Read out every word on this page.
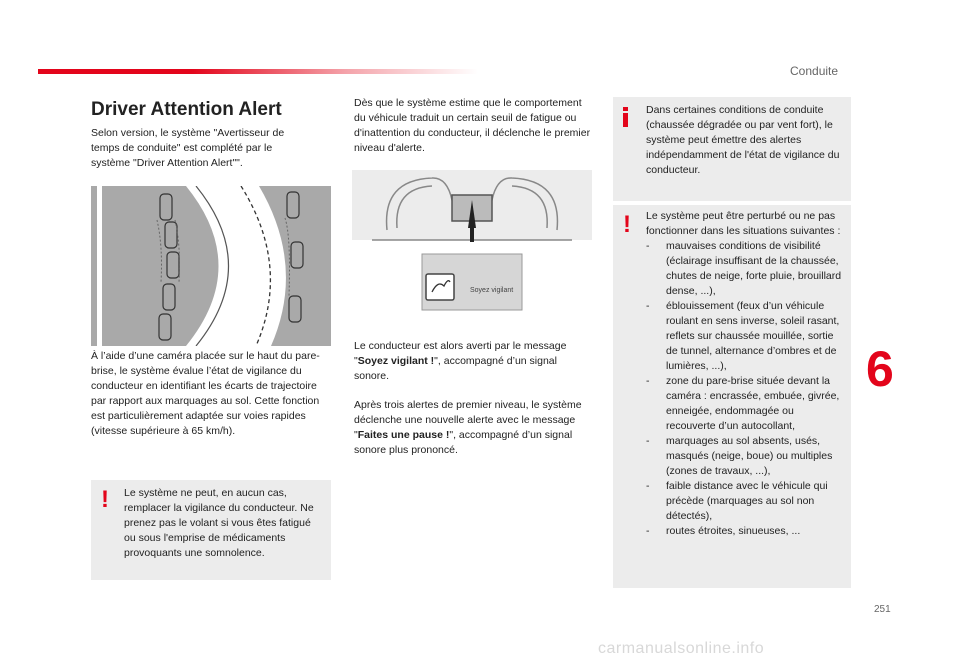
Conduite
6
251
carmanualsonline.info
Driver Attention Alert
Selon version, le système "Avertisseur de temps de conduite" est complété par le système "Driver Attention Alert"".
À l’aide d’une caméra placée sur le haut du pare-brise, le système évalue l’état de vigilance du conducteur en identifiant les écarts de trajectoire par rapport aux marquages au sol. Cette fonction est particulièrement adaptée sur voies rapides (vitesse supérieure à 65 km/h).
! Le système ne peut, en aucun cas, remplacer la vigilance du conducteur. Ne prenez pas le volant si vous êtes fatigué ou sous l'emprise de médicaments provoquants une somnolence.
Dès que le système estime que le comportement du véhicule traduit un certain seuil de fatigue ou d'inattention du conducteur, il déclenche le premier niveau d'alerte.
Soyez vigilant
Le conducteur est alors averti par le message "Soyez vigilant !", accompagné d’un signal sonore.
Après trois alertes de premier niveau, le système déclenche une nouvelle alerte avec le message "Faites une pause !", accompagné d’un signal sonore plus prononcé.
Dans certaines conditions de conduite (chaussée dégradée ou par vent fort), le système peut émettre des alertes indépendamment de l'état de vigilance du conducteur.
! Le système peut être perturbé ou ne pas fonctionner dans les situations suivantes :
- mauvaises conditions de visibilité (éclairage insuffisant de la chaussée, chutes de neige, forte pluie, brouillard dense, ...),
- éblouissement (feux d’un véhicule roulant en sens inverse, soleil rasant, reflets sur chaussée mouillée, sortie de tunnel, alternance d’ombres et de lumières, ...),
- zone du pare-brise située devant la caméra : encrassée, embuée, givrée, enneigée, endommagée ou recouverte d’un autocollant,
- marquages au sol absents, usés, masqués (neige, boue) ou multiples (zones de travaux, ...),
- faible distance avec le véhicule qui précède (marquages au sol non détectés),
- routes étroites, sinueuses, ...
